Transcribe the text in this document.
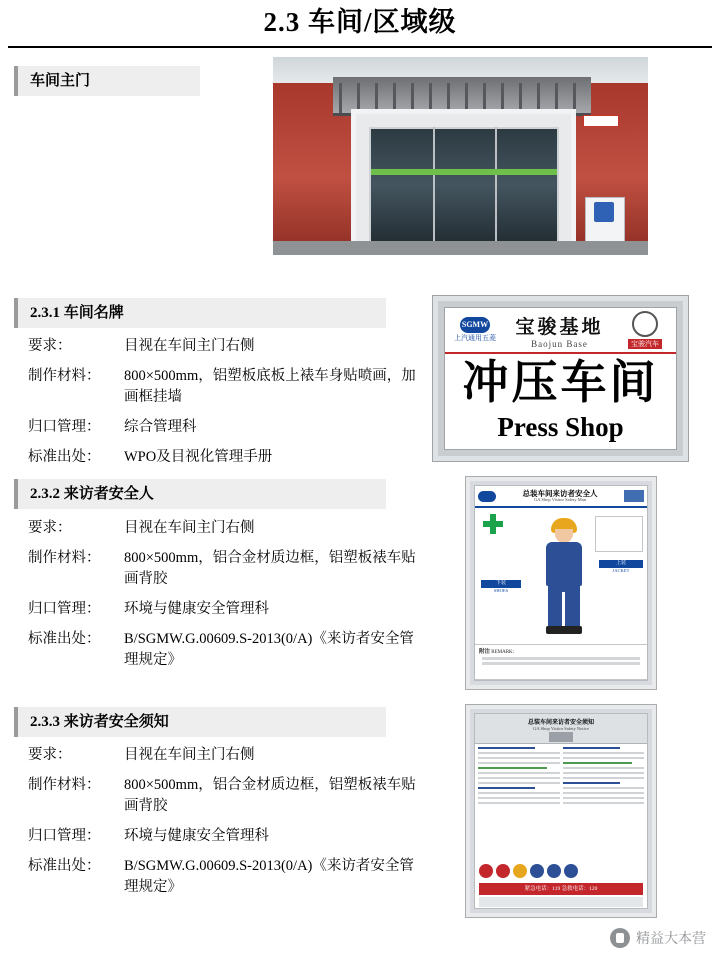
2.3 车间/区域级
车间主门
2.3.1 车间名牌
要求：	目视在车间主门右侧
制作材料：	800×500mm，铝塑板底板上裱车身贴喷画，加画框挂墙
归口管理：	综合管理科
标准出处：	WPO及目视化管理手册
SGMW
上汽通用五菱
宝骏基地
Baojun Base	宝骏汽车
冲压车间
Press Shop
2.3.2 来访者安全人
要求：	目视在车间主门右侧
制作材料：	800×500mm，铝合金材质边框，铝塑板裱车贴画背胶
归口管理：	环境与健康安全管理科
标准出处：	B/SGMW.G.00609.S-2013(0/A)《来访者安全管理规定》
总装车间来访者安全人
GA Shop Visitor Safety Man
上装
JACKET
下装
SHOES
附注 REMARK：
2.3.3 来访者安全须知
要求：	目视在车间主门右侧
制作材料：	800×500mm，铝合金材质边框，铝塑板裱车贴画背胶
归口管理：	环境与健康安全管理科
标准出处：	B/SGMW.G.00609.S-2013(0/A)《来访者安全管理规定》
总装车间来访者安全须知
GA Shop Visitor Safety Notice
紧急电话：119 急救电话：120
精益大本营
